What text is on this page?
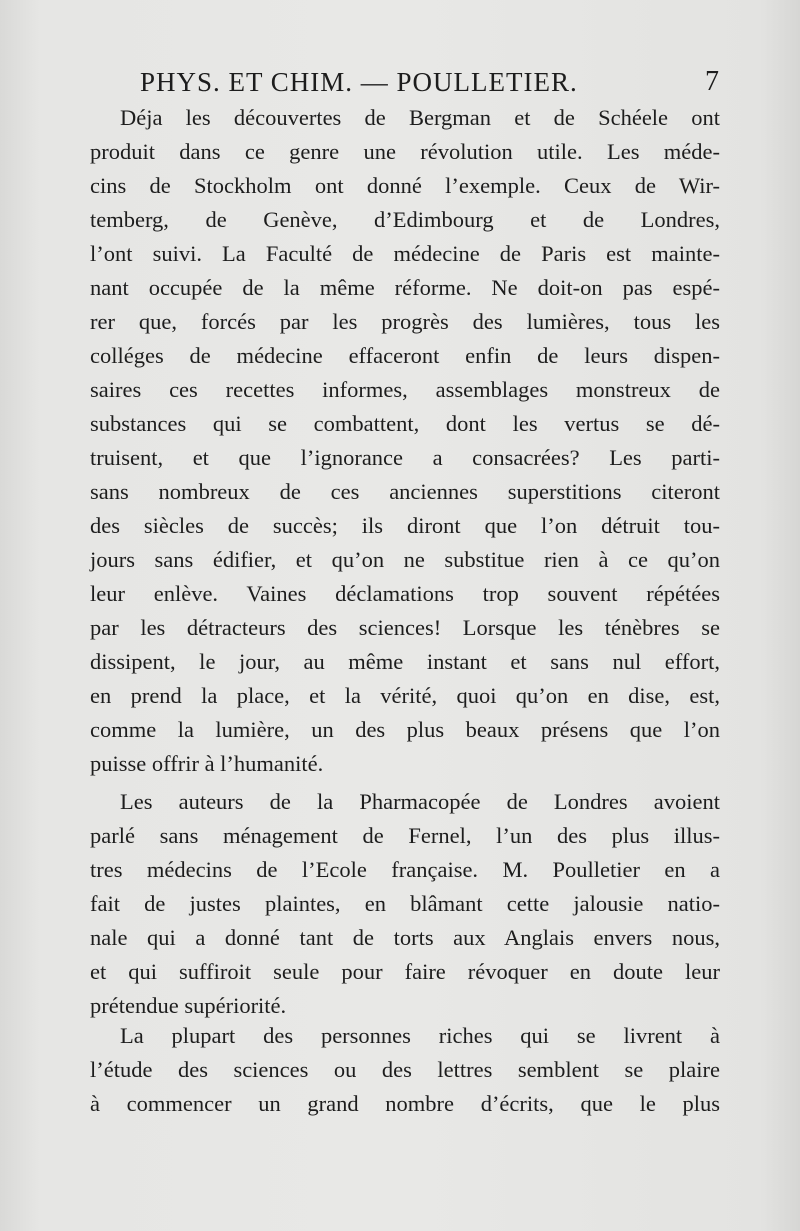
PHYS. ET CHIM. — POULLETIER.	7
Déja les découvertes de Bergman et de Schéele ont
produit dans ce genre une révolution utile. Les méde-
cins de Stockholm ont donné l’exemple. Ceux de Wir-
temberg, de Genève, d’Edimbourg et de Londres,
l’ont suivi. La Faculté de médecine de Paris est mainte-
nant occupée de la même réforme. Ne doit-on pas espé-
rer que, forcés par les progrès des lumières, tous les
colléges de médecine effaceront enfin de leurs dispen-
saires ces recettes informes, assemblages monstreux de
substances qui se combattent, dont les vertus se dé-
truisent, et que l’ignorance a consacrées? Les parti-
sans nombreux de ces anciennes superstitions citeront
des siècles de succès; ils diront que l’on détruit tou-
jours sans édifier, et qu’on ne substitue rien à ce qu’on
leur enlève. Vaines déclamations trop souvent répétées
par les détracteurs des sciences! Lorsque les ténèbres se
dissipent, le jour, au même instant et sans nul effort,
en prend la place, et la vérité, quoi qu’on en dise, est,
comme la lumière, un des plus beaux présens que l’on
puisse offrir à l’humanité.
Les auteurs de la Pharmacopée de Londres avoient
parlé sans ménagement de Fernel, l’un des plus illus-
tres médecins de l’Ecole française. M. Poulletier en a
fait de justes plaintes, en blâmant cette jalousie natio-
nale qui a donné tant de torts aux Anglais envers nous,
et qui suffiroit seule pour faire révoquer en doute leur
prétendue supériorité.
La plupart des personnes riches qui se livrent à
l’étude des sciences ou des lettres semblent se plaire
à commencer un grand nombre d’écrits, que le plus
